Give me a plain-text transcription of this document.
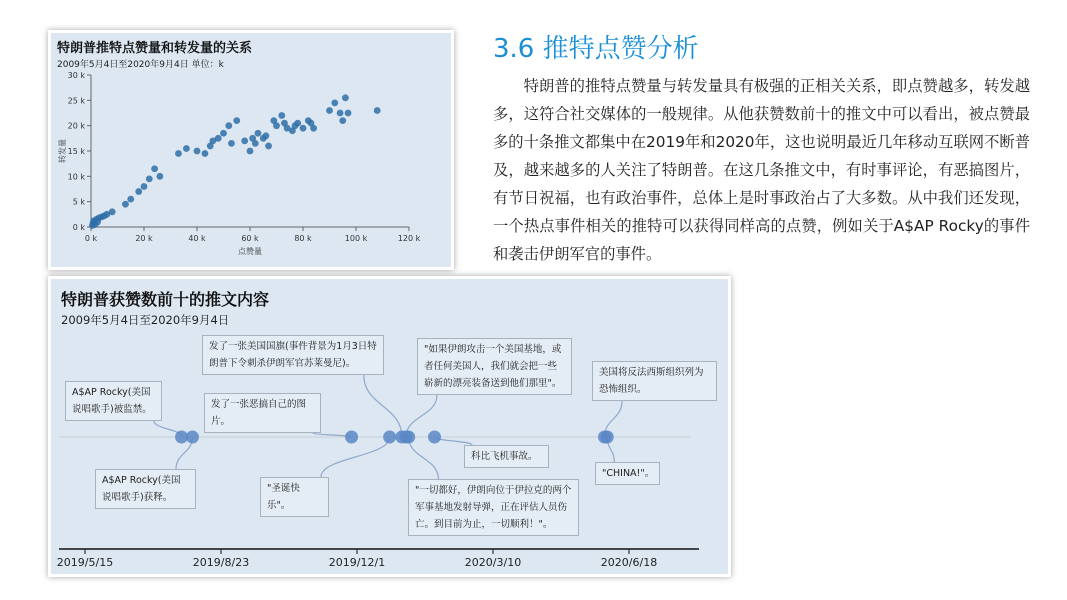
特朗普推特点赞量和转发量的关系
2009年5月4日至2020年9月4日 单位：k
0 k	20 k	40 k	60 k	80 k	100 k	120 k
0 k
5 k
10 k
15 k
20 k
25 k
30 k
点赞量
转发量
特朗普获赞数前十的推文内容
2009年5月4日至2020年9月4日
2019/5/15	2019/8/23	2019/12/1	2020/3/10	2020/6/18
A$AP Rocky(美国说唱歌手)被监禁。
A$AP Rocky(美国说唱歌手)获释。
发了一张恶搞自己的图片。
"圣诞快乐"。
发了一张美国国旗(事件背景为1月3日特朗普下令刺杀伊朗军官苏莱曼尼)。
"如果伊朗攻击一个美国基地，或者任何美国人，我们就会把一些崭新的漂亮装备送到他们那里"。
"一切都好，伊朗向位于伊拉克的两个军事基地发射导弹，正在评估人员伤亡。到目前为止，一切顺利！"。
科比飞机事故。
美国将反法西斯组织列为恐怖组织。
"CHINA!"。
3.6 推特点赞分析

特朗普的推特点赞量与转发量具有极强的正相关关系，即点赞越多，转发越多，这符合社交媒体的一般规律。从他获赞数前十的推文中可以看出，被点赞最多的十条推文都集中在2019年和2020年，这也说明最近几年移动互联网不断普及，越来越多的人关注了特朗普。在这几条推文中，有时事评论，有恶搞图片，有节日祝福，也有政治事件，总体上是时事政治占了大多数。从中我们还发现，一个热点事件相关的推特可以获得同样高的点赞，例如关于A$AP Rocky的事件和袭击伊朗军官的事件。
